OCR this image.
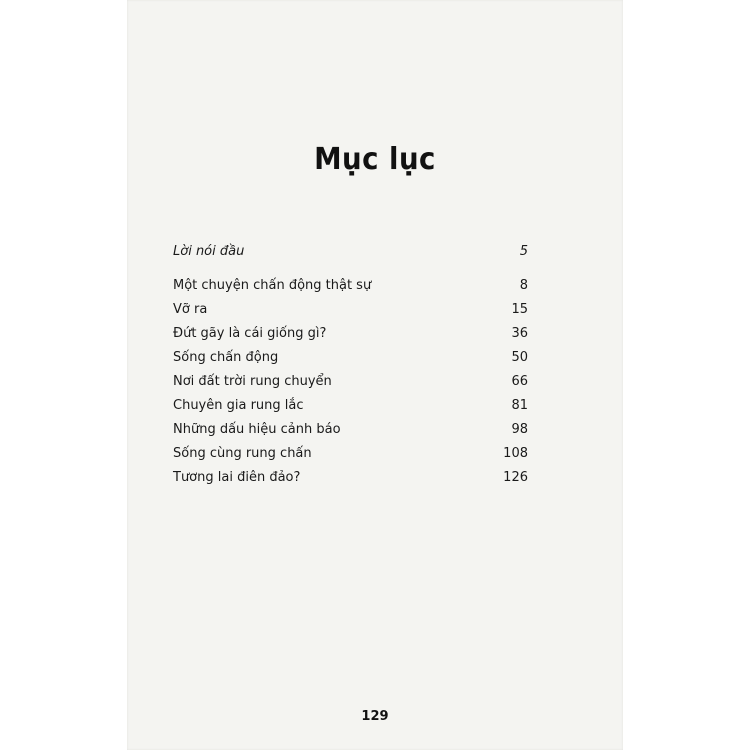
Mục lục
Lời nói đầu	5
Một chuyện chấn động thật sự	8
Vỡ ra	15
Đứt gãy là cái giống gì?	36
Sống chấn động	50
Nơi đất trời rung chuyển	66
Chuyên gia rung lắc	81
Những dấu hiệu cảnh báo	98
Sống cùng rung chấn	108
Tương lai điên đảo?	126
129
